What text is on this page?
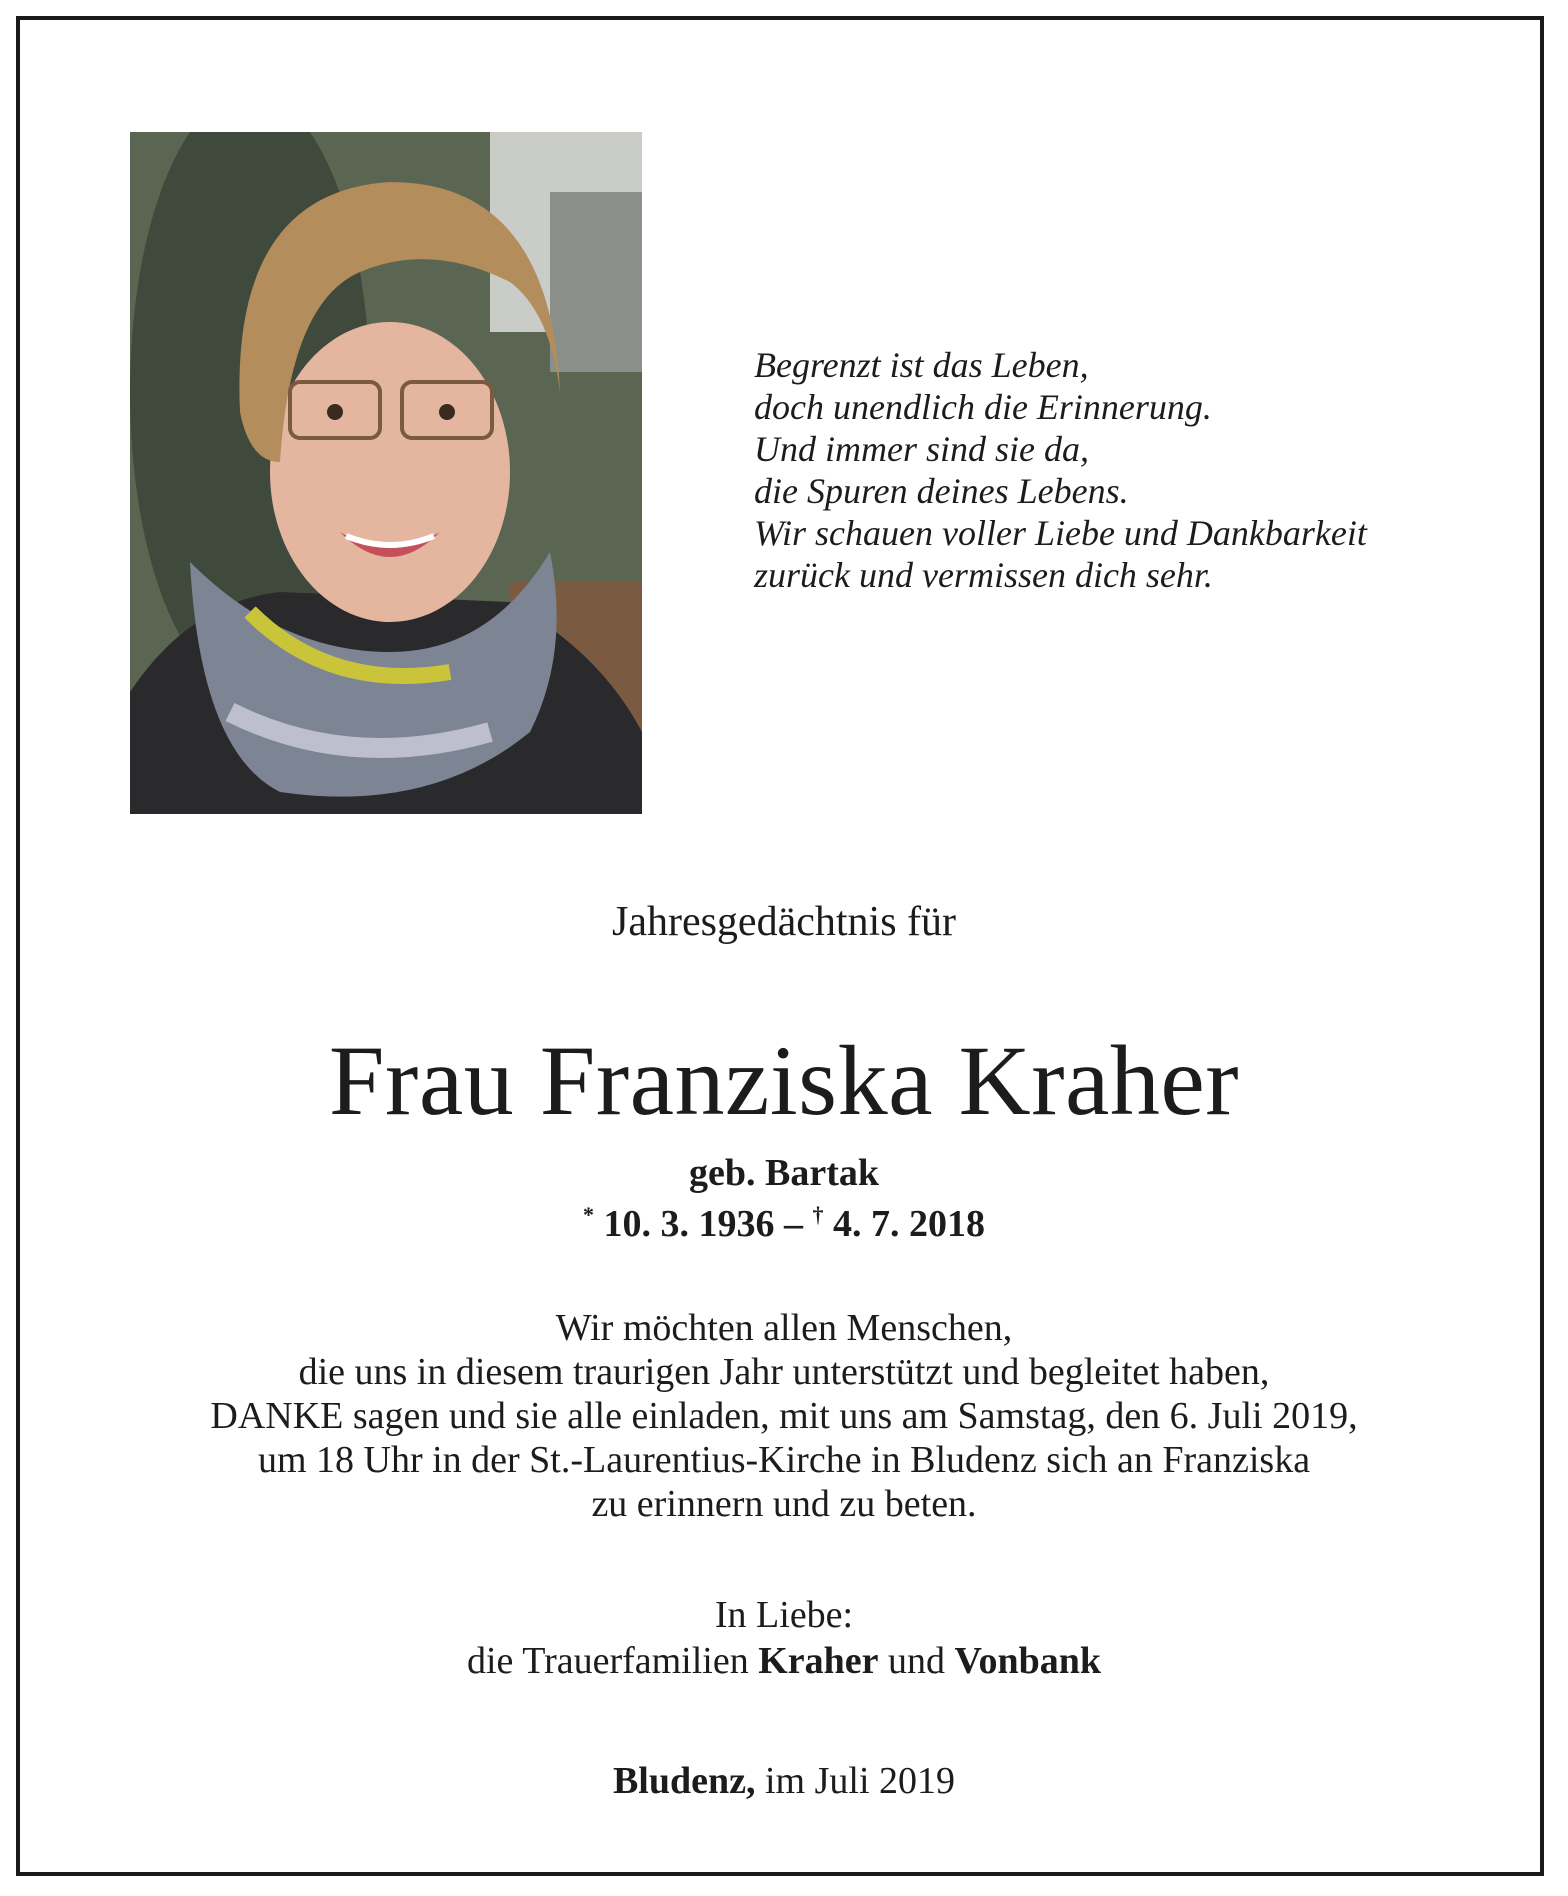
Begrenzt ist das Leben,
doch unendlich die Erinnerung.
Und immer sind sie da,
die Spuren deines Lebens.
Wir schauen voller Liebe und Dankbarkeit
zurück und vermissen dich sehr.
Jahresgedächtnis für
Frau Franziska Kraher
geb. Bartak
* 10. 3. 1936 – † 4. 7. 2018
Wir möchten allen Menschen,
die uns in diesem traurigen Jahr unterstützt und begleitet haben,
DANKE sagen und sie alle einladen, mit uns am Samstag, den 6. Juli 2019,
um 18 Uhr in der St.-Laurentius-Kirche in Bludenz sich an Franziska
zu erinnern und zu beten.
In Liebe:
die Trauerfamilien Kraher und Vonbank
Bludenz, im Juli 2019
